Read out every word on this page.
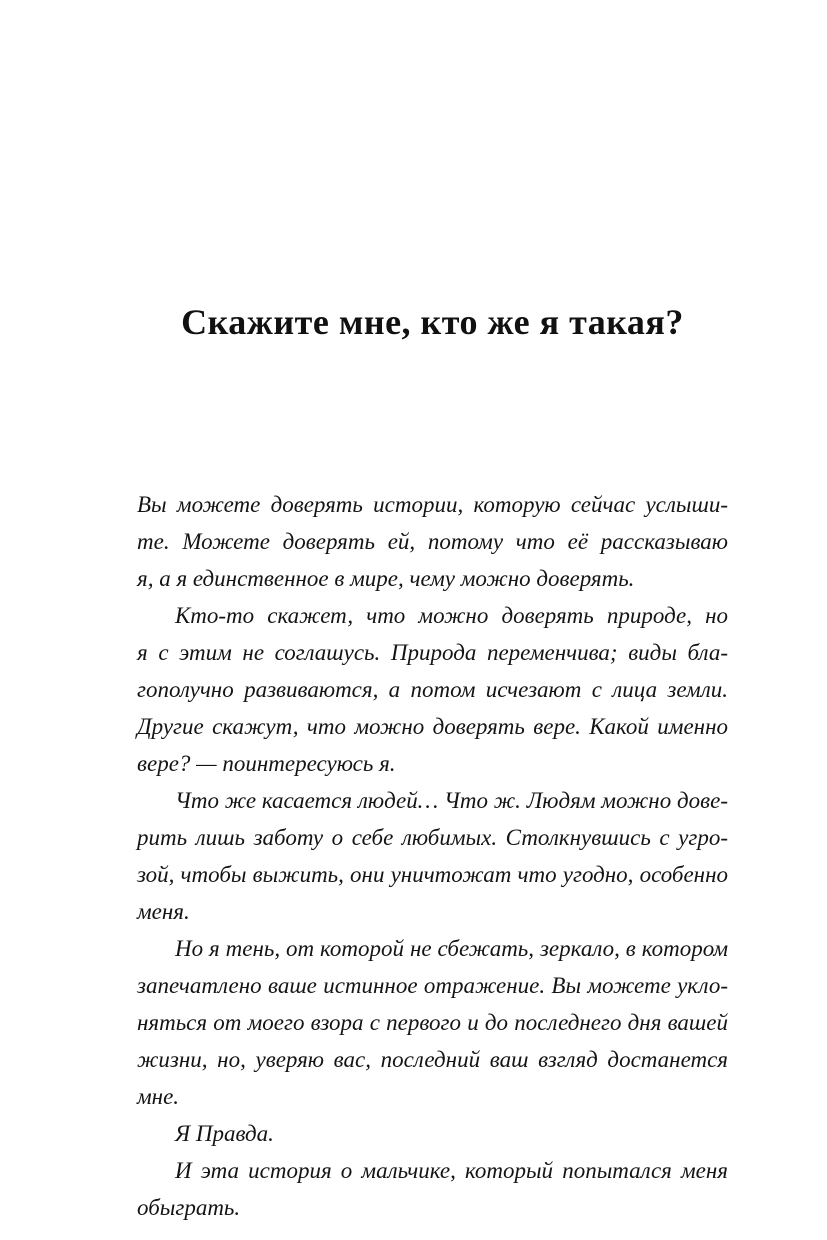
Скажите мне, кто же я такая?

Вы можете доверять истории, которую сейчас услыши-
те. Можете доверять ей, потому что её рассказываю
я, а я единственное в мире, чему можно доверять.

Кто-то скажет, что можно доверять природе, но
я с этим не соглашусь. Природа переменчива; виды бла-
гополучно развиваются, а потом исчезают с лица земли.
Другие скажут, что можно доверять вере. Какой именно
вере? — поинтересуюсь я.

Что же касается людей… Что ж. Людям можно дове-
рить лишь заботу о себе любимых. Столкнувшись с угро-
зой, чтобы выжить, они уничтожат что угодно, особенно
меня.

Но я тень, от которой не сбежать, зеркало, в котором
запечатлено ваше истинное отражение. Вы можете укло-
няться от моего взора с первого и до последнего дня вашей
жизни, но, уверяю вас, последний ваш взгляд достанется
мне.

Я Правда.

И эта история о мальчике, который попытался меня
обыграть.
